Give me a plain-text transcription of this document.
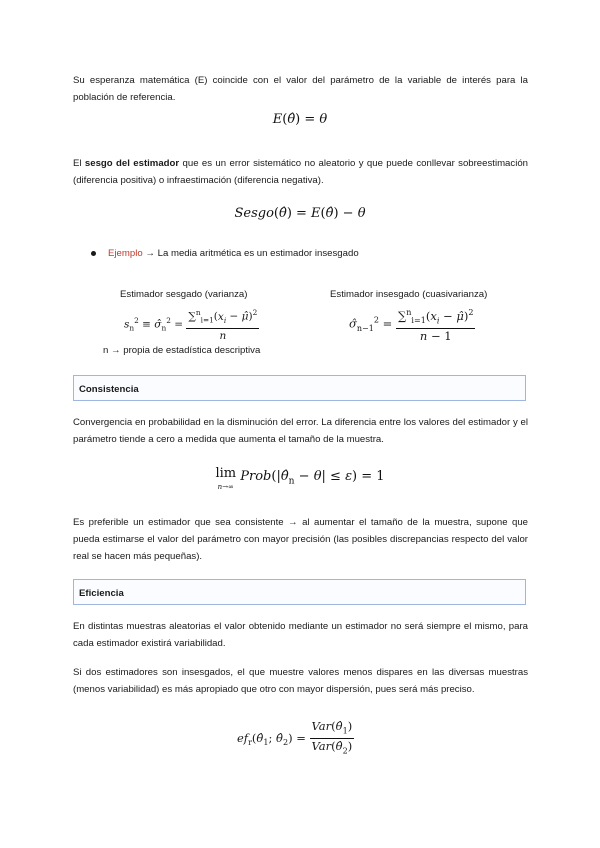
Su esperanza matemática (E) coincide con el valor del parámetro de la variable de interés para la población de referencia.

E(θ̂) = θ

El sesgo del estimador que es un error sistemático no aleatorio y que puede conllevar sobreestimación (diferencia positiva) o infraestimación (diferencia negativa).

Sesgo(θ̂) = E(θ̂) − θ
Ejemplo → La media aritmética es un estimador insesgado
Estimador sesgado (varianza)	Estimador insesgado (cuasivarianza)
$s_n^2$ ≡ $\sigmâ_n^2 = \frac{\sum^n_{i=1}(x_i - \mû)^2}{n}$	$\sigmâ_{n-1}^2 = \frac{\sum^n_{i=1}(x_i - \mû)^2}{n - 1}$
n → propia de estadística descriptiva
Consistencia

Convergencia en probabilidad en la disminución del error. La diferencia entre los valores del estimador y el parámetro tiende a cero a medida que aumenta el tamaño de la muestra.

lim
n→∞ $Prob(|\thetâ_n - \theta| \le \varepsilon) = 1$

Es preferible un estimador que sea consistente → al aumentar el tamaño de la muestra, supone que pueda estimarse el valor del parámetro con mayor precisión (las posibles discrepancias respecto del valor real se hacen más pequeñas).

Eficiencia

En distintas muestras aleatorias el valor obtenido mediante un estimador no será siempre el mismo, para cada estimador existirá variabilidad.

Si dos estimadores son insesgados, el que muestre valores menos dispares en las diversas muestras (menos variabilidad) es más apropiado que otro con mayor dispersión, pues será más preciso.

$ef_r(\thetâ_1$; $\thetâ_2) = \frac{Var(\thetâ_1)}{Var(\thetâ_2)}$
